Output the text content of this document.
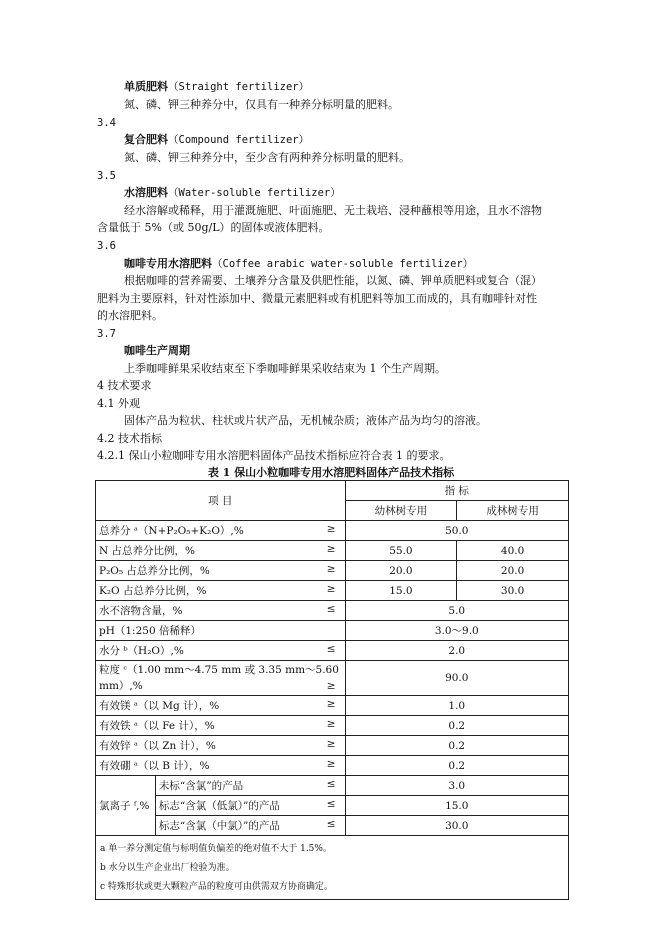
单质肥料（Straight fertilizer）
氮、磷、钾三种养分中，仅具有一种养分标明量的肥料。
3.4
复合肥料（Compound fertilizer）
氮、磷、钾三种养分中，至少含有两种养分标明量的肥料。
3.5
水溶肥料（Water-soluble fertilizer）
经水溶解或稀释，用于灌溉施肥、叶面施肥、无土栽培、浸种蘸根等用途，且水不溶物
含量低于 5%（或 50g/L）的固体或液体肥料。
3.6
咖啡专用水溶肥料（Coffee arabic water-soluble fertilizer）
根据咖啡的营养需要、土壤养分含量及供肥性能，以氮、磷、钾单质肥料或复合（混）
肥料为主要原料，针对性添加中、微量元素肥料或有机肥料等加工而成的，具有咖啡针对性
的水溶肥料。
3.7
咖啡生产周期
上季咖啡鲜果采收结束至下季咖啡鲜果采收结束为 1 个生产周期。
4 技术要求
4.1 外观
固体产品为粒状、柱状或片状产品，无机械杂质；液体产品为均匀的溶液。
4.2 技术指标
4.2.1 保山小粒咖啡专用水溶肥料固体产品技术指标应符合表 1 的要求。
表 1 保山小粒咖啡专用水溶肥料固体产品技术指标
项 目		指 标	
		幼林树专用	成林树专用
总养分 ᵃ（N+P₂O₅+K₂O）,% ≥		50.0	
N 占总养分比例，% ≥		55.0	40.0
P₂O₅ 占总养分比例，% ≥		20.0	20.0
K₂O 占总养分比例，% ≥		15.0	30.0
水不溶物含量，% ≤		5.0	
pH（1:250 倍稀释）		3.0～9.0	
水分 ᵇ（H₂O）,% ≤		2.0	

粒度 ᶜ（1.00 mm～4.75 mm 或 3.35 mm～5.60
mm）,% ≥		90.0	
有效镁 ᵃ（以 Mg 计），% ≥		1.0	
有效铁 ᵃ（以 Fe 计），% ≥		0.2	
有效锌 ᵃ（以 Zn 计），% ≥		0.2	
有效硼 ᵃ（以 B 计），% ≥		0.2	
氯离子 ᶠ,%	未标“含氯”的产品 ≤	3.0	
	标志“含氯（低氯）”的产品 ≤	15.0	
	标志“含氯（中氯）”的产品 ≤	30.0	

a 单一养分测定值与标明值负偏差的绝对值不大于 1.5%。
b 水分以生产企业出厂检验为准。
c 特殊形状或更大颗粒产品的粒度可由供需双方协商确定。			
